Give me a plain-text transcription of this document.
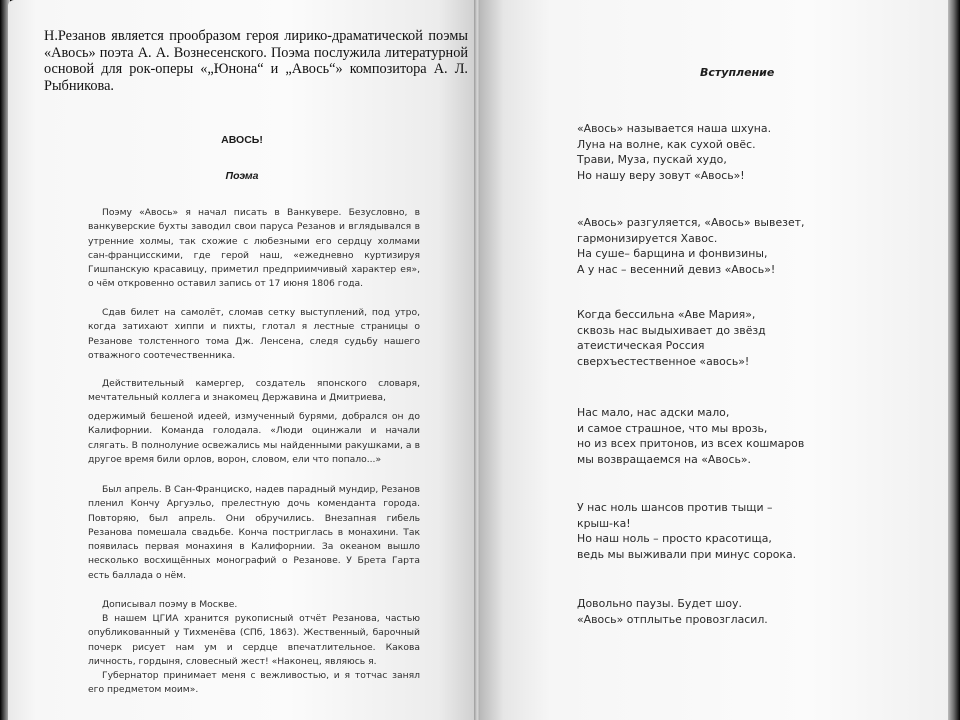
Н.Резанов является прообразом героя лирико-драматической поэмы «Авось» поэта А. А. Вознесенского. Поэма послужила литературной основой для рок-оперы «„Юнона“ и „Авось“» композитора А. Л. Рыбникова.
АВОСЬ!
Поэма
Поэму «Авось» я начал писать в Ванкувере. Безусловно, в ванкуверские бухты заводил свои паруса Резанов и вглядывался в утренние холмы, так схожие с любезными его сердцу холмами сан-францисскими, где герой наш, «ежедневно куртизируя Гишпанскую красавицу, приметил предприимчивый характер ея», о чём откровенно оставил запись от 17 июня 1806 года.
Сдав билет на самолёт, сломав сетку выступлений, под утро, когда затихают хиппи и пихты, глотал я лестные страницы о Резанове толстенного тома Дж. Ленсена, следя судьбу нашего отважного соотечественника.
Действительный камергер, создатель японского словаря, мечтательный коллега и знакомец Державина и Дмитриева,
одержимый бешеной идеей, измученный бурями, добрался он до Калифорнии. Команда голодала. «Люди оцинжали и начали слягать. В полнолуние освежались мы найденными ракушками, а в другое время били орлов, ворон, словом, ели что попало...»
Был апрель. В Сан-Франциско, надев парадный мундир, Резанов пленил Кончу Аргуэльо, прелестную дочь коменданта города. Повторяю, был апрель. Они обручились. Внезапная гибель Резанова помешала свадьбе. Конча постриглась в монахини. Так появилась первая монахиня в Калифорнии. За океаном вышло несколько восхищённых монографий о Резанове. У Брета Гарта есть баллада о нём.
Дописывал поэму в Москве.
В нашем ЦГИА хранится рукописный отчёт Резанова, частью опубликованный у Тихменёва (СПб, 1863). Жественный, барочный почерк рисует нам ум и сердце впечатлительное. Какова личность, гордыня, словесный жест! «Наконец, являюсь я.
Губернатор принимает меня с вежливостью, и я тотчас занял его предметом моим».
Вступление
«Авось» называется наша шхуна.
Луна на волне, как сухой овёс.
Трави, Муза, пускай худо,
Но нашу веру зовут «Авось»!
«Авось» разгуляется, «Авось» вывезет,
гармонизируется Хавос.
На суше– барщина и фонвизины,
А у нас – весенний девиз «Авось»!
Когда бессильна «Аве Мария»,
сквозь нас выдыхивает до звёзд
атеистическая Россия
сверхъестественное «авось»!
Нас мало, нас адски мало,
и самое страшное, что мы врозь,
но из всех притонов, из всех кошмаров
мы возвращаемся на «Авось».
У нас ноль шансов против тыщи –
крыш-ка!
Но наш ноль – просто красотища,
ведь мы выживали при минус сорока.
Довольно паузы. Будет шоу.
«Авось» отплытье провозгласил.
